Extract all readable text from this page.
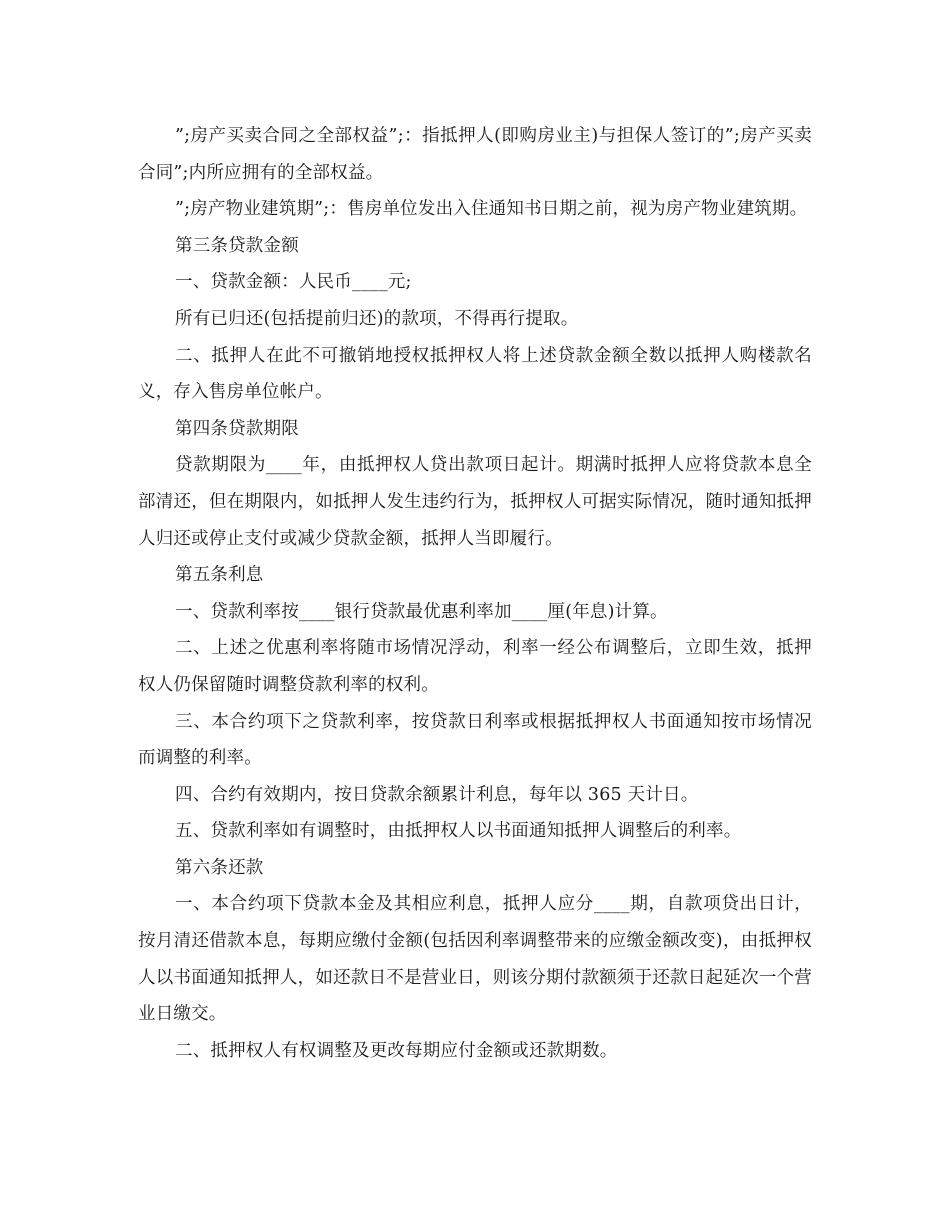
”;房产买卖合同之全部权益”;：指抵押人(即购房业主)与担保人签订的”;房产买卖合同”;内所应拥有的全部权益。

”;房产物业建筑期”;：售房单位发出入住通知书日期之前，视为房产物业建筑期。

第三条贷款金额

一、贷款金额：人民币____元;

所有已归还(包括提前归还)的款项，不得再行提取。

二、抵押人在此不可撤销地授权抵押权人将上述贷款金额全数以抵押人购楼款名义，存入售房单位帐户。

第四条贷款期限

贷款期限为____年，由抵押权人贷出款项日起计。期满时抵押人应将贷款本息全部清还，但在期限内，如抵押人发生违约行为，抵押权人可据实际情况，随时通知抵押人归还或停止支付或减少贷款金额，抵押人当即履行。

第五条利息

一、贷款利率按____银行贷款最优惠利率加____厘(年息)计算。

二、上述之优惠利率将随市场情况浮动，利率一经公布调整后，立即生效，抵押权人仍保留随时调整贷款利率的权利。

三、本合约项下之贷款利率，按贷款日利率或根据抵押权人书面通知按市场情况而调整的利率。

四、合约有效期内，按日贷款余额累计利息，每年以 365 天计日。

五、贷款利率如有调整时，由抵押权人以书面通知抵押人调整后的利率。

第六条还款

一、本合约项下贷款本金及其相应利息，抵押人应分____期，自款项贷出日计，按月清还借款本息，每期应缴付金额(包括因利率调整带来的应缴金额改变)，由抵押权人以书面通知抵押人，如还款日不是营业日，则该分期付款额须于还款日起延次一个营业日缴交。

二、抵押权人有权调整及更改每期应付金额或还款期数。
